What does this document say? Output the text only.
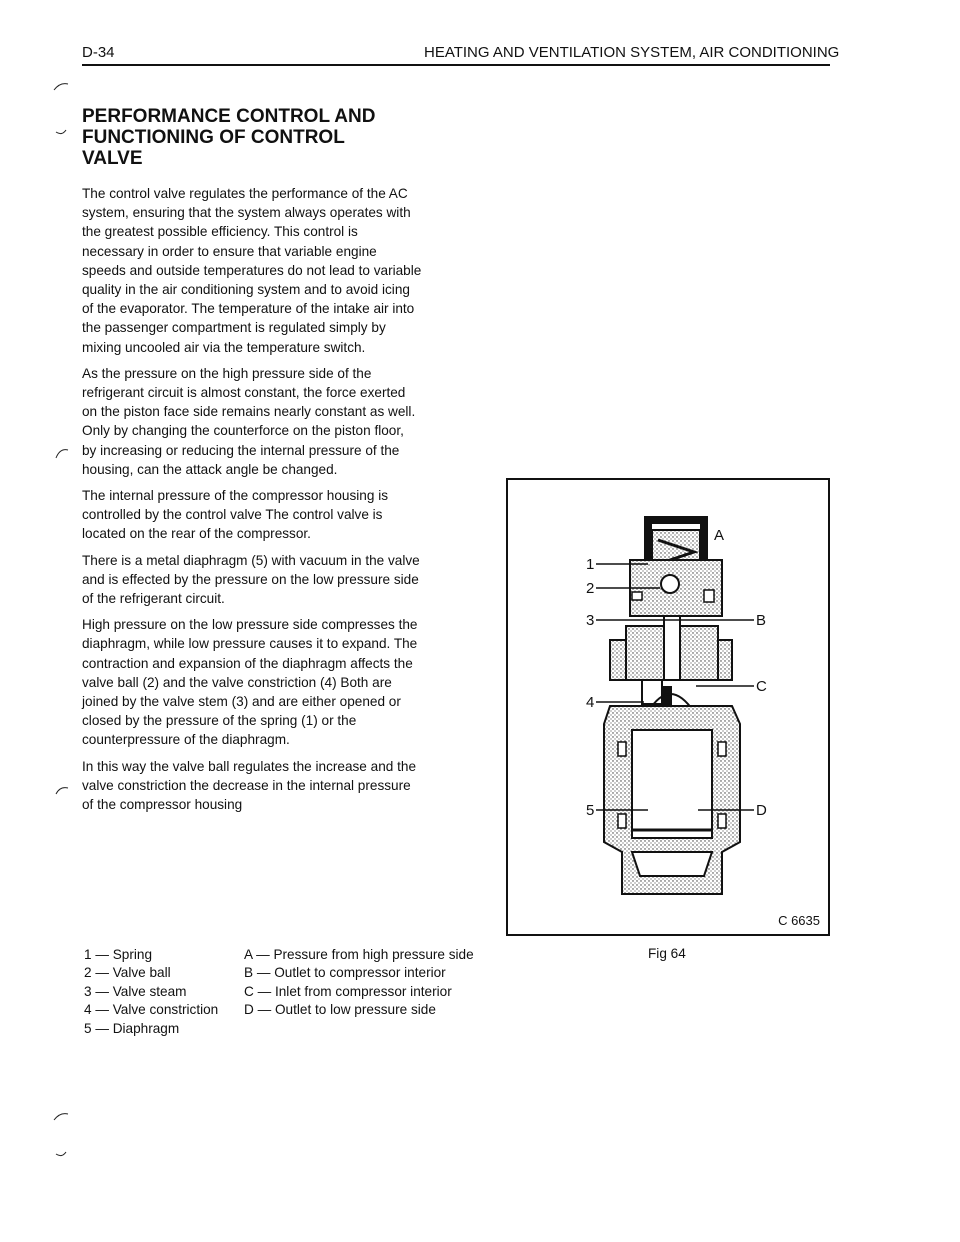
D-34	HEATING AND VENTILATION SYSTEM, AIR CONDITIONING
PERFORMANCE CONTROL AND
FUNCTIONING OF CONTROL
VALVE

The control valve regulates the performance of the AC system, ensuring that the system always operates with the greatest possible efficiency. This control is necessary in order to ensure that variable engine speeds and outside temperatures do not lead to variable quality in the air conditioning system and to avoid icing of the evaporator. The temperature of the intake air into the passenger compartment is regulated simply by mixing uncooled air via the temperature switch.

As the pressure on the high pressure side of the refrigerant circuit is almost constant, the force exerted on the piston face side remains nearly constant as well. Only by changing the counterforce on the piston floor, by increasing or reducing the internal pressure of the housing, can the attack angle be changed.

The internal pressure of the compressor housing is controlled by the control valve The control valve is located on the rear of the compressor.

There is a metal diaphragm (5) with vacuum in the valve and is effected by the pressure on the low pressure side of the refrigerant circuit.

High pressure on the low pressure side compresses the diaphragm, while low pressure causes it to expand. The contraction and expansion of the diaphragm affects the valve ball (2) and the valve constriction (4) Both are joined by the valve stem (3) and are either opened or closed by the pressure of the spring (1) or the counterpressure of the diaphragm.

In this way the valve ball regulates the increase and the valve constriction the decrease in the internal pressure of the compressor housing

1
2
3
4
5
A
B
C
D
C 6635
1 — Spring
2 — Valve ball
3 — Valve steam
4 — Valve constriction
5 — Diaphragm
A — Pressure from high pressure side
B — Outlet to compressor interior
C — Inlet from compressor interior
D — Outlet to low pressure side
Fig 64
